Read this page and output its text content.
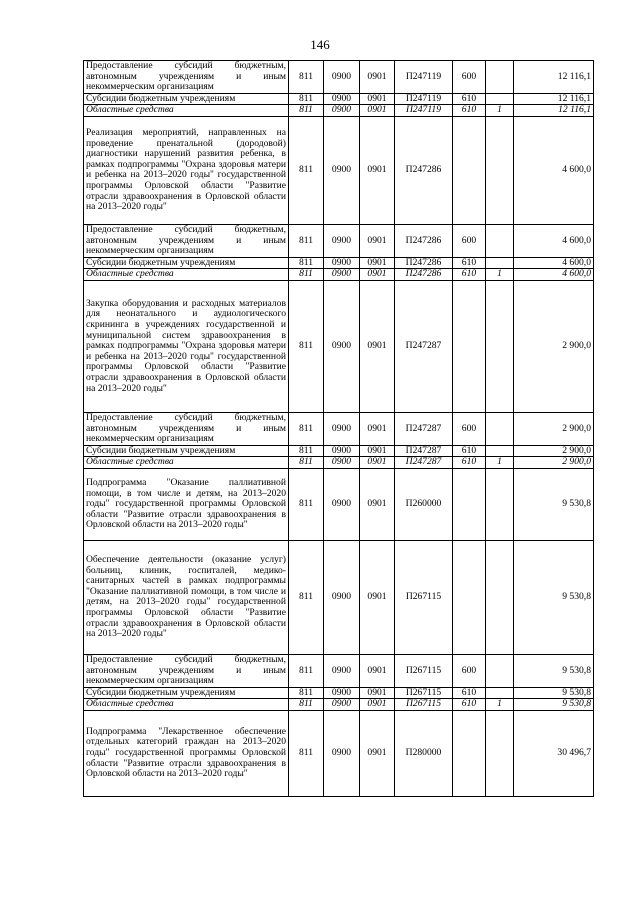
146
Предоставление субсидий бюджетным, автономным учреждениям и иным некоммерческим организациям	811	0900	0901	П247119	600		12 116,1
Субсидии бюджетным учреждениям	811	0900	0901	П247119	610		12 116,1
Областные средства	811	0900	0901	П247119	610	1	12 116,1
Реализация мероприятий, направленных на проведение пренатальной (дородовой) диагностики нарушений развития ребенка, в рамках подпрограммы "Охрана здоровья матери и ребенка на 2013–2020 годы" государственной программы Орловской области "Развитие отрасли здравоохранения в Орловской области на 2013–2020 годы"	811	0900	0901	П247286			4 600,0
Предоставление субсидий бюджетным, автономным учреждениям и иным некоммерческим организациям	811	0900	0901	П247286	600		4 600,0
Субсидии бюджетным учреждениям	811	0900	0901	П247286	610		4 600,0
Областные средства	811	0900	0901	П247286	610	1	4 600,0
Закупка оборудования и расходных материалов для неонатального и аудиологического скрининга в учреждениях государственной и муниципальной систем здравоохранения в рамках подпрограммы "Охрана здоровья матери и ребенка на 2013–2020 годы" государственной программы Орловской области "Развитие отрасли здравоохранения в Орловской области на 2013–2020 годы"	811	0900	0901	П247287			2 900,0
Предоставление субсидий бюджетным, автономным учреждениям и иным некоммерческим организациям	811	0900	0901	П247287	600		2 900,0
Субсидии бюджетным учреждениям	811	0900	0901	П247287	610		2 900,0
Областные средства	811	0900	0901	П247287	610	1	2 900,0
Подпрограмма "Оказание паллиативной помощи, в том числе и детям, на 2013–2020 годы" государственной программы Орловской области "Развитие отрасли здравоохранения в Орловской области на 2013–2020 годы"	811	0900	0901	П260000			9 530,8
Обеспечение деятельности (оказание услуг) больниц, клиник, госпиталей, медико-санитарных частей в рамках подпрограммы "Оказание паллиативной помощи, в том числе и детям, на 2013–2020 годы" государственной программы Орловской области "Развитие отрасли здравоохранения в Орловской области на 2013–2020 годы"	811	0900	0901	П267115			9 530,8
Предоставление субсидий бюджетным, автономным учреждениям и иным некоммерческим организациям	811	0900	0901	П267115	600		9 530,8
Субсидии бюджетным учреждениям	811	0900	0901	П267115	610		9 530,8
Областные средства	811	0900	0901	П267115	610	1	9 530,8
Подпрограмма "Лекарственное обеспечение отдельных категорий граждан на 2013–2020 годы" государственной программы Орловской области "Развитие отрасли здравоохранения в Орловской области на 2013–2020 годы"	811	0900	0901	П280000			30 496,7
